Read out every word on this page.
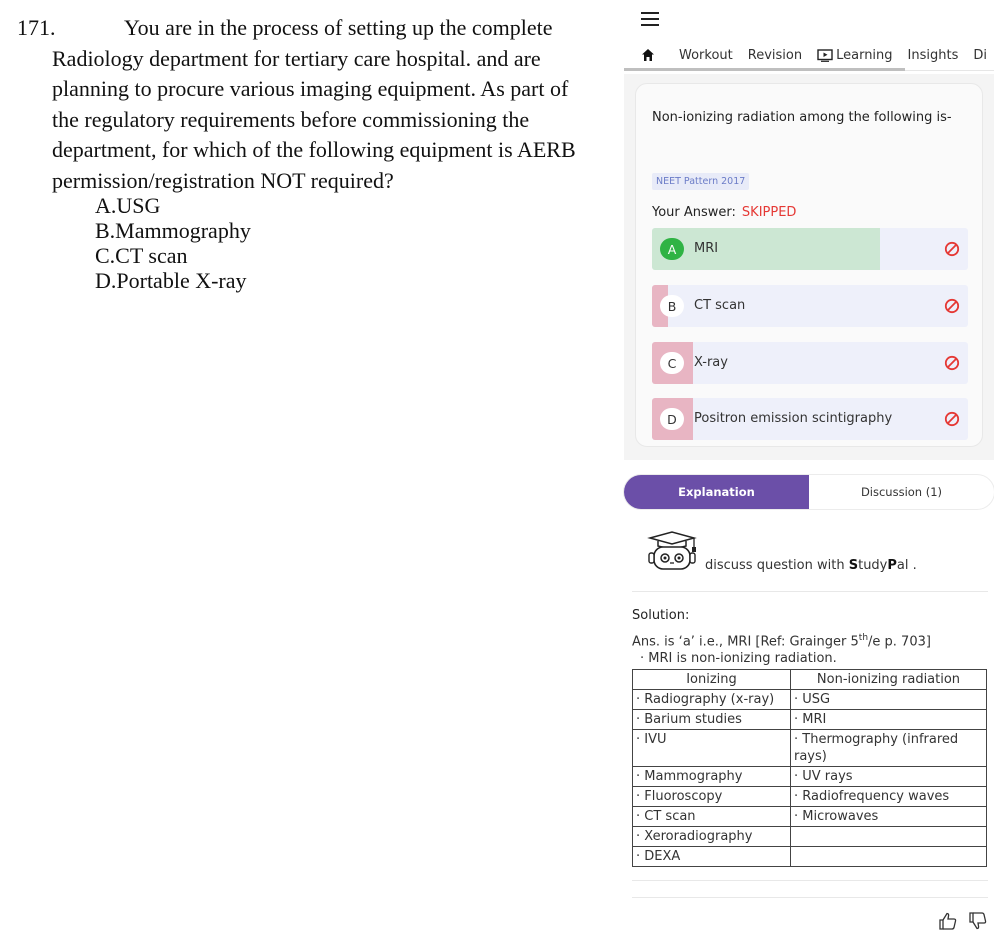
171.	You are in the process of setting up the complete Radiology department for tertiary care hospital. and are planning to procure various imaging equipment. As part of the regulatory requirements before commissioning the department, for which of the following equipment is AERB permission/registration NOT required?
A.USG
B.Mammography
C.CT scan
D.Portable X-ray
Workout Revision	Learning Insights Di
Non-ionizing radiation among the following is-
NEET Pattern 2017
Your Answer: SKIPPED
A	MRI
B	CT scan
C	X-ray
D	Positron emission scintigraphy
Explanation	Discussion (1)
discuss question with StudyPal .
Solution:
Ans. is ‘a’ i.e., MRI [Ref: Grainger 5th/e p. 703]
· MRI is non-ionizing radiation.
Ionizing	Non-ionizing radiation
· Radiography (x-ray)	· USG
· Barium studies	· MRI
· IVU	· Thermography (infrared rays)
· Mammography	· UV rays
· Fluoroscopy	· Radiofrequency waves
· CT scan	· Microwaves
· Xeroradiography	
· DEXA	
